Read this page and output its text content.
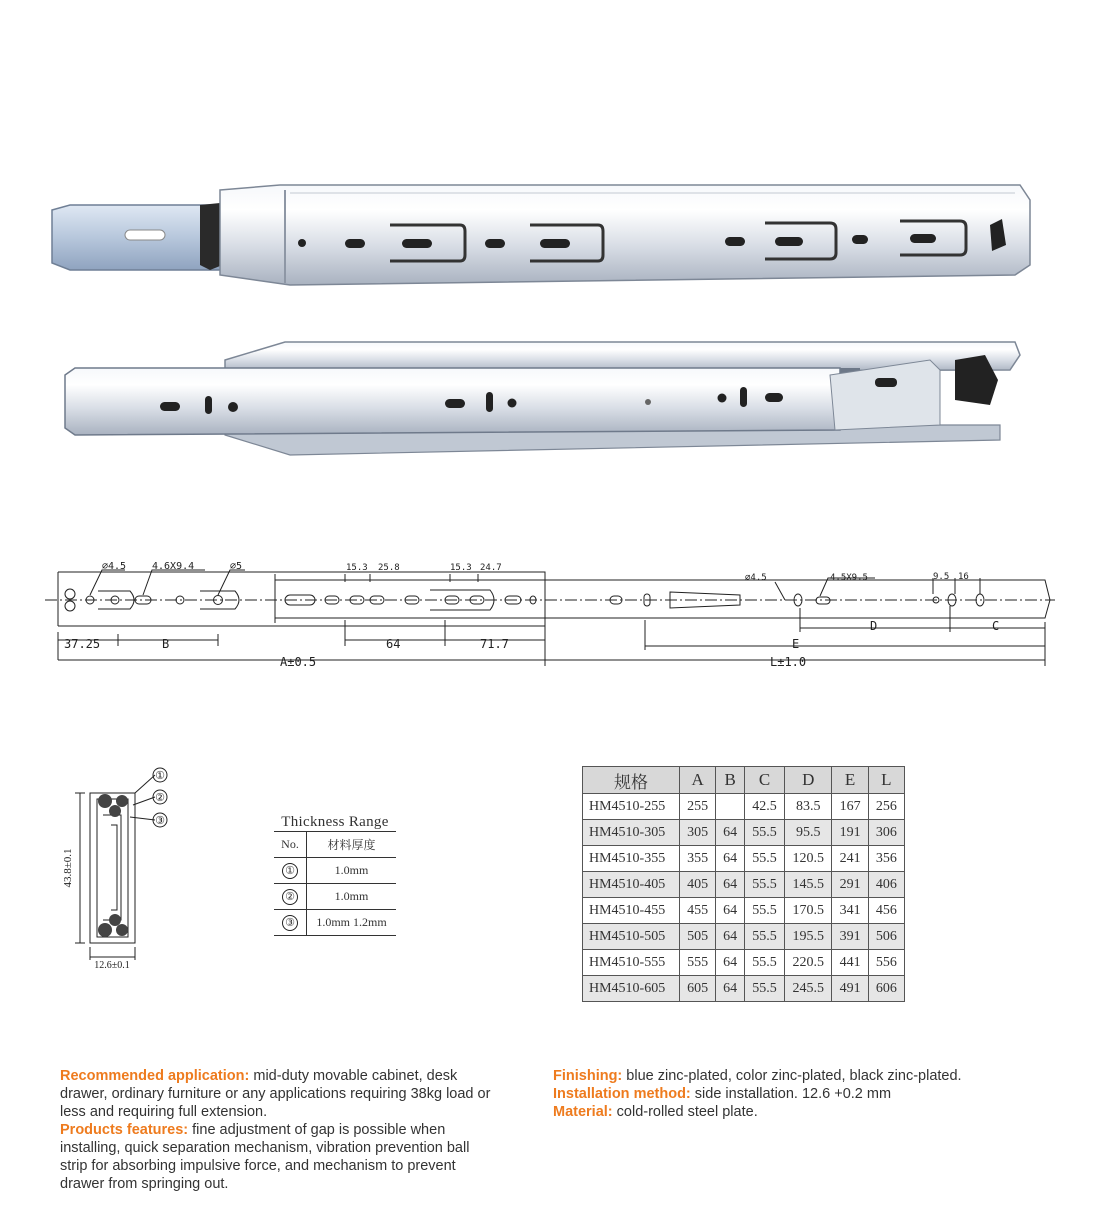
⌀4.5	4.6X9.4	⌀5	15.3 25.8	15.3 24.7
⌀4.5	4.5X9.5	9.5 16
37.25	B	64	71.7	E
D	C
A±0.5	L±1.0
①
②
③
43.8±0.1
12.6±0.1
Thickness Range
No.	材料厚度
①	1.0mm
②	1.0mm
③	1.0mm 1.2mm
规格	A	B	C	D	E	L
HM4510-255	255		42.5	83.5	167	256
HM4510-305	305	64	55.5	95.5	191	306
HM4510-355	355	64	55.5	120.5	241	356
HM4510-405	405	64	55.5	145.5	291	406
HM4510-455	455	64	55.5	170.5	341	456
HM4510-505	505	64	55.5	195.5	391	506
HM4510-555	555	64	55.5	220.5	441	556
HM4510-605	605	64	55.5	245.5	491	606
Recommended application: mid-duty movable cabinet, desk drawer, ordinary furniture or any applications requiring 38kg load or less and requiring full extension.
Products features: fine adjustment of gap is possible when installing, quick separation mechanism, vibration prevention ball strip for absorbing impulsive force, and mechanism to prevent drawer from springing out.
Finishing: blue zinc-plated, color zinc-plated, black zinc-plated.
Installation method: side installation. 12.6 +0.2 mm
Material: cold-rolled steel plate.
